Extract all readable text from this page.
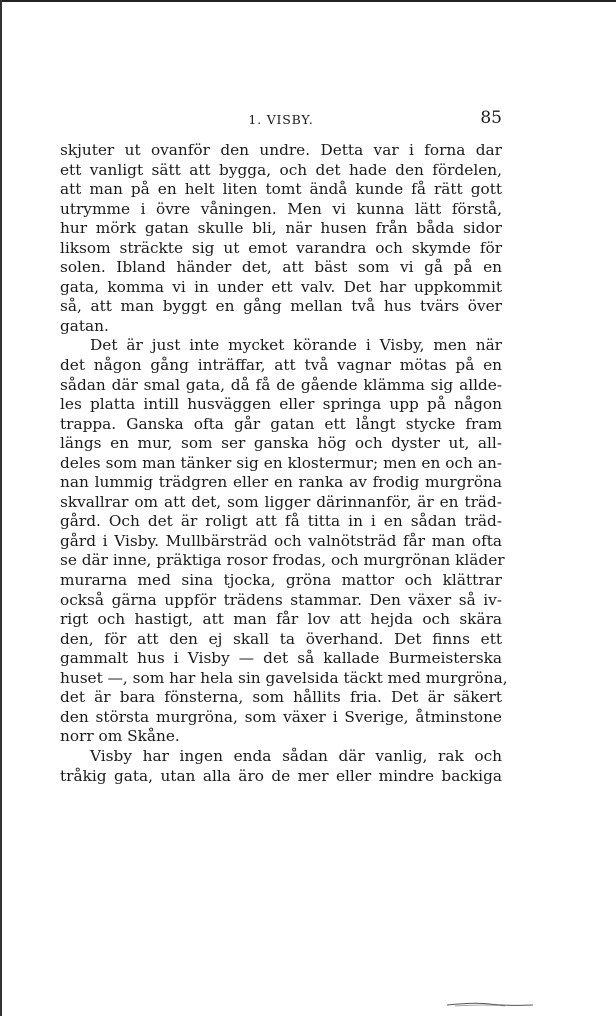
1. VISBY.	85
skjuter ut ovanför den undre. Detta var i forna dar
ett vanligt sätt att bygga, och det hade den fördelen,
att man på en helt liten tomt ändå kunde få rätt gott
utrymme i övre våningen. Men vi kunna lätt förstå,
hur mörk gatan skulle bli, när husen från båda sidor
liksom sträckte sig ut emot varandra och skymde för
solen. Ibland händer det, att bäst som vi gå på en
gata, komma vi in under ett valv. Det har uppkommit
så, att man byggt en gång mellan två hus tvärs över
gatan.
Det är just inte mycket körande i Visby, men när
det någon gång inträffar, att två vagnar mötas på en
sådan där smal gata, då få de gående klämma sig allde-
les platta intill husväggen eller springa upp på någon
trappa. Ganska ofta går gatan ett långt stycke fram
längs en mur, som ser ganska hög och dyster ut, all-
deles som man tänker sig en klostermur; men en och an-
nan lummig trädgren eller en ranka av frodig murgröna
skvallrar om att det, som ligger därinnanför, är en träd-
gård. Och det är roligt att få titta in i en sådan träd-
gård i Visby. Mullbärsträd och valnötsträd får man ofta
se där inne, präktiga rosor frodas, och murgrönan kläder
murarna med sina tjocka, gröna mattor och klättrar
också gärna uppför trädens stammar. Den växer så iv-
rigt och hastigt, att man får lov att hejda och skära
den, för att den ej skall ta överhand. Det finns ett
gammalt hus i Visby — det så kallade Burmeisterska
huset —, som har hela sin gavelsida täckt med murgröna,
det är bara fönsterna, som hållits fria. Det är säkert
den största murgröna, som växer i Sverige, åtminstone
norr om Skåne.
Visby har ingen enda sådan där vanlig, rak och
tråkig gata, utan alla äro de mer eller mindre backiga
